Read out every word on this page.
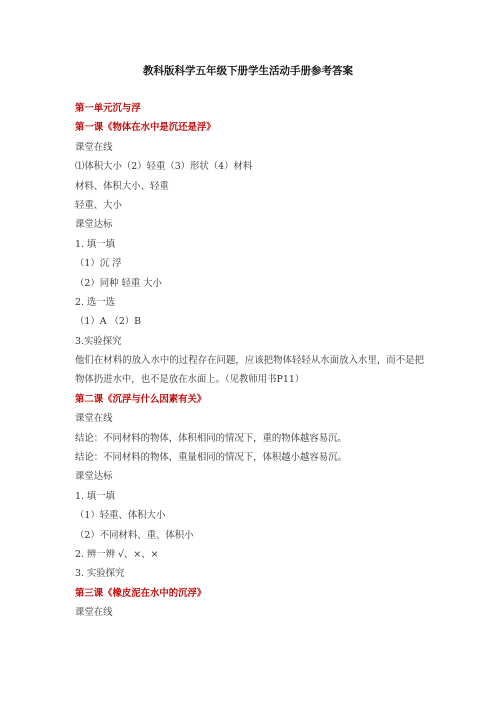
教科版科学五年级下册学生活动手册参考答案
第一单元沉与浮
第一课《物体在水中是沉还是浮》
课堂在线
⑴体积大小（2）轻重（3）形状（4）材料
材料、体积大小、轻重
轻重、大小
课堂达标
1. 填一填
（1）沉 浮
（2）同种 轻重 大小
2. 选一选
（1）A （2）B
3.实验探究
他们在材料的放入水中的过程存在问题，应该把物体轻轻从水面放入水里，而不是把物体扔进水中，也不是放在水面上。（见教师用书P11）
第二课《沉浮与什么因素有关》
课堂在线
结论：不同材料的物体，体积相同的情况下，重的物体越容易沉。
结论：不同材料的物体，重量相同的情况下，体积越小越容易沉。
课堂达标
1. 填一填
（1）轻重、体积大小
（2）不同材料、重、体积小
2. 辨一辨 √、×、×
3. 实验探究
第三课《橡皮泥在水中的沉浮》
课堂在线
